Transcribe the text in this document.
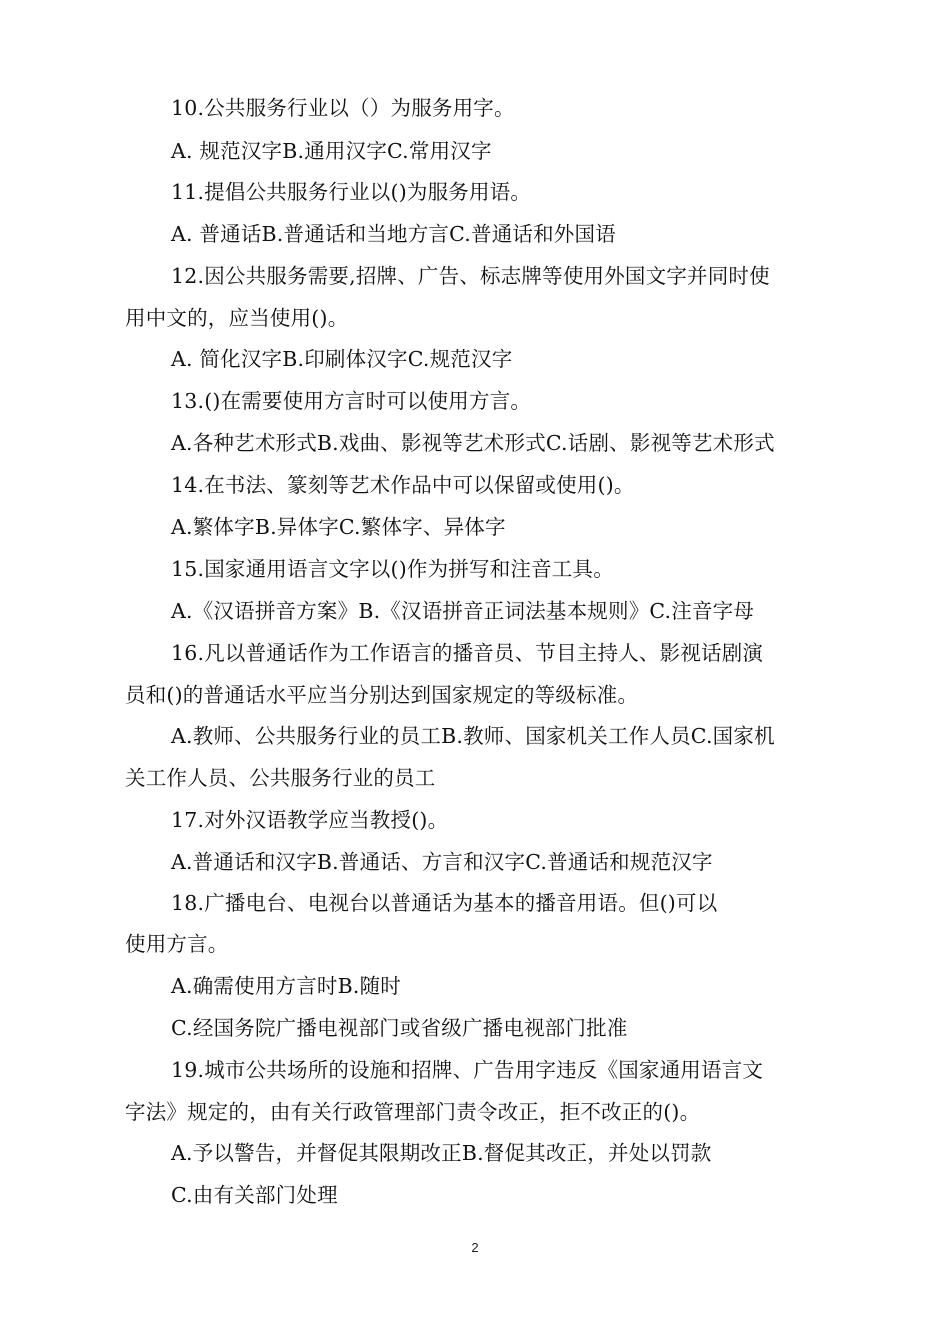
10.公共服务行业以（）为服务用字。
A. 规范汉字B.通用汉字C.常用汉字
11.提倡公共服务行业以()为服务用语。
A. 普通话B.普通话和当地方言C.普通话和外国语
12.因公共服务需要,招牌、广告、标志牌等使用外国文字并同时使
用中文的，应当使用()。
A. 简化汉字B.印刷体汉字C.规范汉字
13.()在需要使用方言时可以使用方言。
A.各种艺术形式B.戏曲、影视等艺术形式C.话剧、影视等艺术形式
14.在书法、篆刻等艺术作品中可以保留或使用()。
A.繁体字B.异体字C.繁体字、异体字
15.国家通用语言文字以()作为拼写和注音工具。
A.《汉语拼音方案》B.《汉语拼音正词法基本规则》C.注音字母
16.凡以普通话作为工作语言的播音员、节目主持人、影视话剧演
员和()的普通话水平应当分别达到国家规定的等级标准。
A.教师、公共服务行业的员工B.教师、国家机关工作人员C.国家机
关工作人员、公共服务行业的员工
17.对外汉语教学应当教授()。
A.普通话和汉字B.普通话、方言和汉字C.普通话和规范汉字
18.广播电台、电视台以普通话为基本的播音用语。但()可以
使用方言。
A.确需使用方言时B.随时
C.经国务院广播电视部门或省级广播电视部门批准
19.城市公共场所的设施和招牌、广告用字违反《国家通用语言文
字法》规定的，由有关行政管理部门责令改正，拒不改正的()。
A.予以警告，并督促其限期改正B.督促其改正，并处以罚款
C.由有关部门处理
2
